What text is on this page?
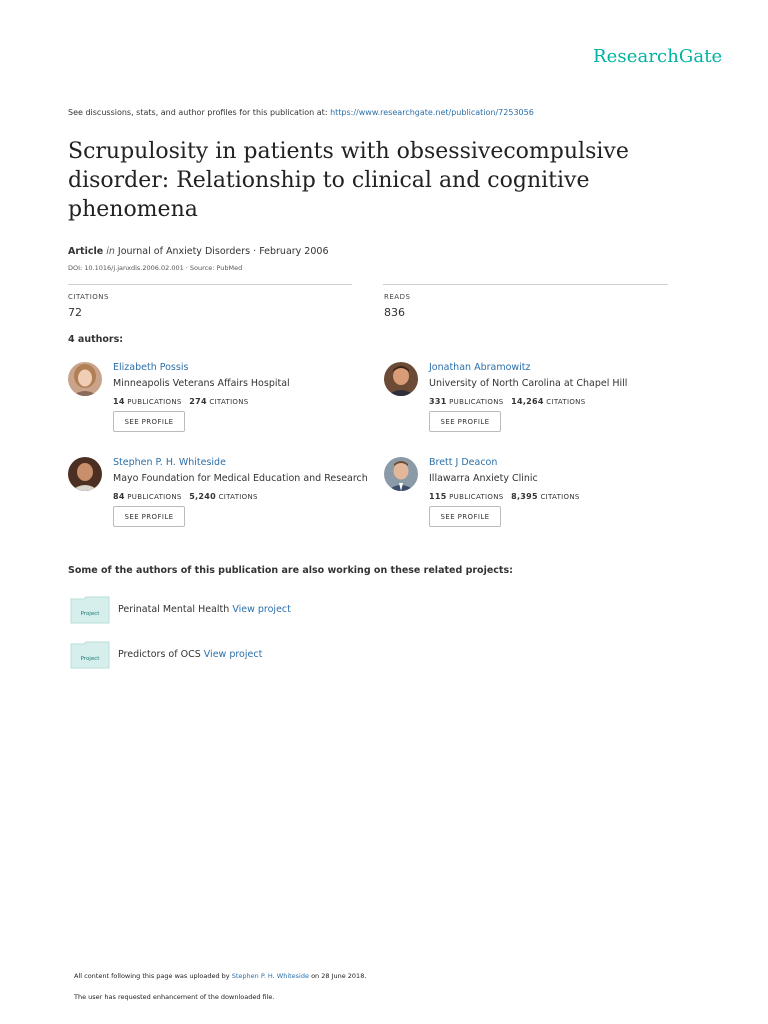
ResearchGate
See discussions, stats, and author profiles for this publication at: https://www.researchgate.net/publication/7253056
Scrupulosity in patients with obsessivecompulsive disorder: Relationship to clinical and cognitive phenomena
Article in Journal of Anxiety Disorders · February 2006
DOI: 10.1016/j.janxdis.2006.02.001 · Source: PubMed
CITATIONS
72
READS
836
4 authors:
Elizabeth Possis
Minneapolis Veterans Affairs Hospital
14 PUBLICATIONS 274 CITATIONS
SEE PROFILE
Jonathan Abramowitz
University of North Carolina at Chapel Hill
331 PUBLICATIONS 14,264 CITATIONS
SEE PROFILE
Stephen P. H. Whiteside
Mayo Foundation for Medical Education and Research
84 PUBLICATIONS 5,240 CITATIONS
SEE PROFILE
Brett J Deacon
Illawarra Anxiety Clinic
115 PUBLICATIONS 8,395 CITATIONS
SEE PROFILE
Some of the authors of this publication are also working on these related projects:
Project Perinatal Mental Health View project
Project Predictors of OCS View project
All content following this page was uploaded by Stephen P. H. Whiteside on 28 June 2018.
The user has requested enhancement of the downloaded file.
